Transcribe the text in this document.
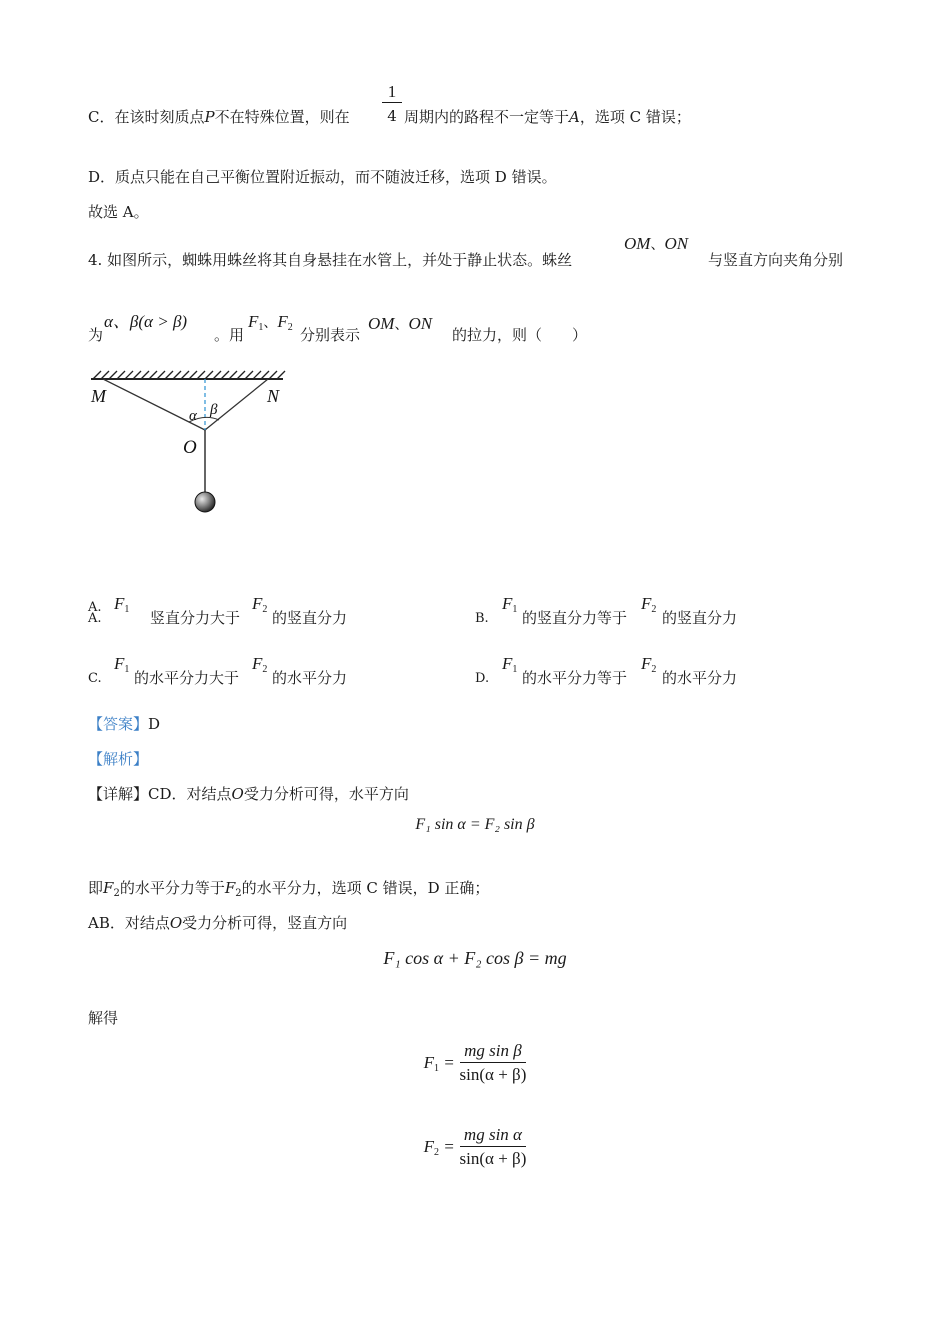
C．在该时刻质点P不在特殊位置，则在
1
4 周期内的路程不一定等于A，选项 C 错误；
D．质点只能在自己平衡位置附近振动，而不随波迁移，选项 D 错误。
故选 A。
4. 如图所示，蜘蛛用蛛丝将其自身悬挂在水管上，并处于静止状态。蛛丝
OM、ON
与竖直方向夹角分别
为
α、β(α > β)
。用
$F_1$、$F_2$ 分别表示
OM、ON
的拉力，则（　　）
M	N
O
α β
A. $F_1$ 竖直分力大于
$F_2$ 的竖直分力
A.	B.
$F_1$ 的竖直分力等于
$F_2$ 的竖直分力
C.
$F_1$ 的水平分力大于
$F_2$ 的水平分力	D.
$F_1$ 的水平分力等于
$F_2$ 的水平分力
【答案】D
【解析】
【详解】CD．对结点O受力分析可得，水平方向
F₁ sin α = F₂ sin β
即$F_2$的水平分力等于$F_2$的水平分力，选项 C 错误，D 正确；
AB．对结点O受力分析可得，竖直方向
F₁ cos α + F₂ cos β = mg
解得
$F_1 = \frac{\text{mg sin β}}{\sin(\alpha + \beta)}$
$F_2 = \frac{\text{mg sin α}}{\sin(\alpha + \beta)}$
